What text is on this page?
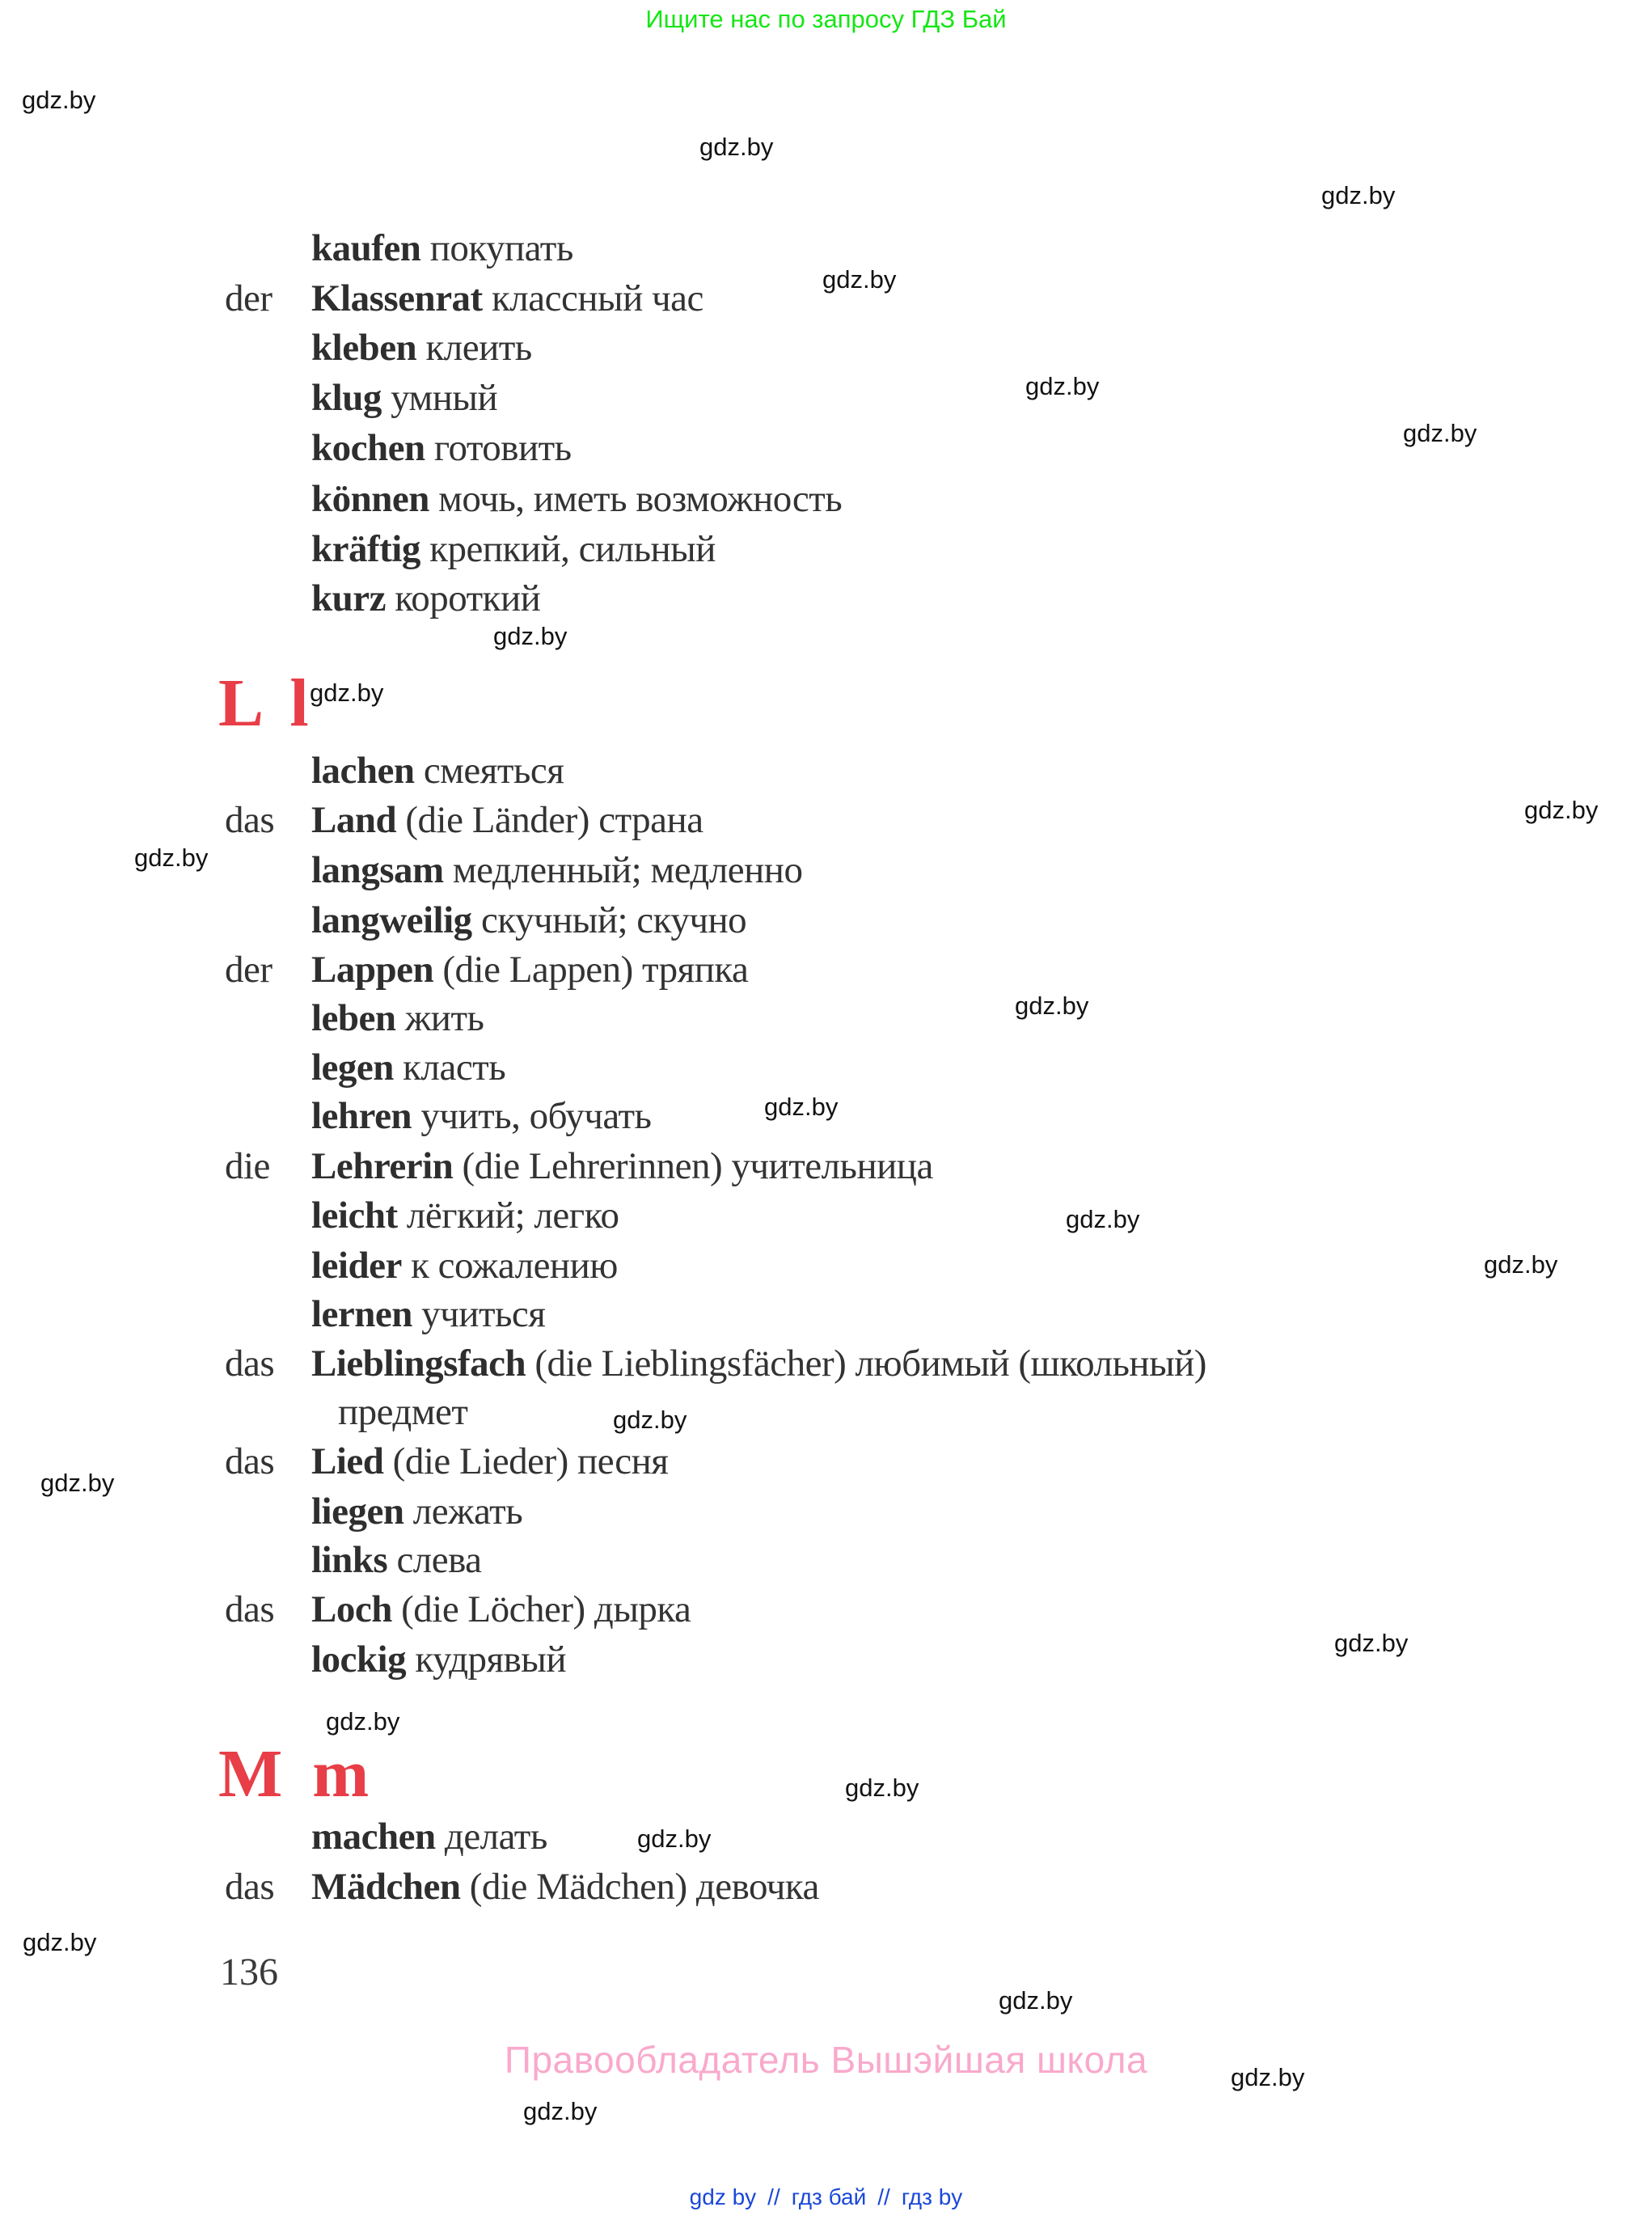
Ищите нас по запросу ГДЗ Бай
gdz.by
gdz.by
gdz.by
gdz.by
gdz.by
gdz.by
gdz.by
gdz.by
gdz.by
gdz.by
gdz.by
gdz.by
gdz.by
gdz.by
gdz.by
gdz.by
gdz.by
gdz.by
gdz.by
gdz.by
gdz.by
gdz.by
gdz.by
gdz.by
kaufen покупать
der Klassenrat классный час
kleben клеить
klug умный
kochen готовить
können мочь, иметь возможность
kräftig крепкий, сильный
kurz короткий
L l
lachen смеяться
das Land (die Länder) страна
langsam медленный; медленно
langweilig скучный; скучно
der Lappen (die Lappen) тряпка
leben жить
legen класть
lehren учить, обучать
die Lehrerin (die Lehrerinnen) учительница
leicht лёгкий; легко
leider к сожалению
lernen учиться
das Lieblingsfach (die Lieblingsfächer) любимый (школьный)
предмет
das Lied (die Lieder) песня
liegen лежать
links слева
das Loch (die Löcher) дырка
lockig кудрявый
M m
machen делать
das Mädchen (die Mädchen) девочка
136
Правообладатель Вышэйшая школа
gdz by // гдз бай // гдз by
